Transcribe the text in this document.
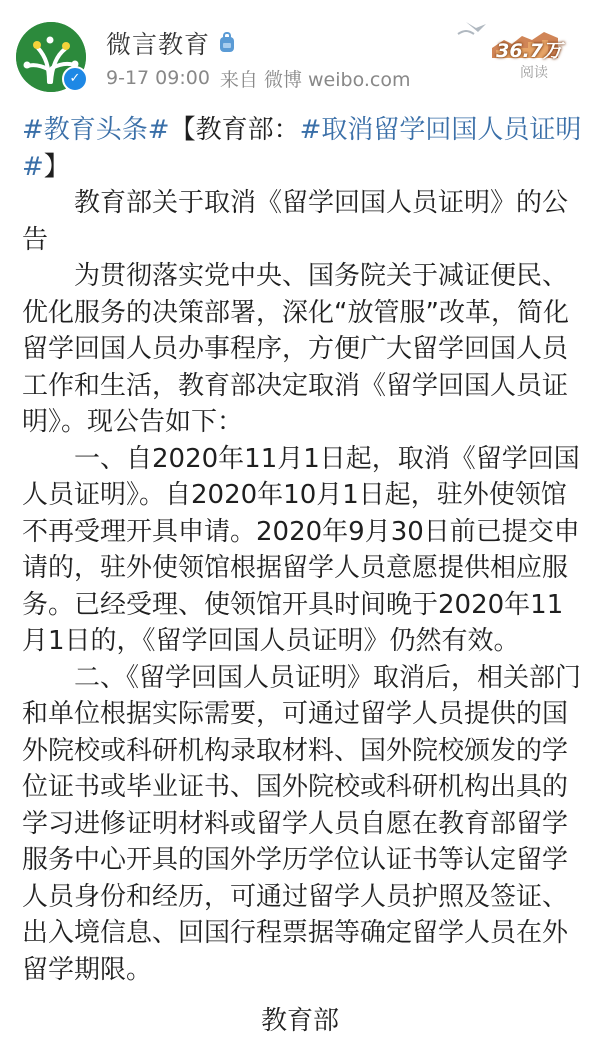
✓
微言教育
9-17 09:00 来自 微博 weibo.com
36.7万
阅读

#教育头条#【教育部：#取消留学回国人员证明#】

教育部关于取消《留学回国人员证明》的公告

为贯彻落实党中央、国务院关于减证便民、优化服务的决策部署，深化“放管服”改革，简化留学回国人员办事程序，方便广大留学回国人员工作和生活，教育部决定取消《留学回国人员证明》。现公告如下：

一、自2020年11月1日起，取消《留学回国人员证明》。自2020年10月1日起，驻外使领馆不再受理开具申请。2020年9月30日前已提交申请的，驻外使领馆根据留学人员意愿提供相应服务。已经受理、使领馆开具时间晚于2020年11月1日的，《留学回国人员证明》仍然有效。

二、《留学回国人员证明》取消后，相关部门和单位根据实际需要，可通过留学人员提供的国外院校或科研机构录取材料、国外院校颁发的学位证书或毕业证书、国外院校或科研机构出具的学习进修证明材料或留学人员自愿在教育部留学服务中心开具的国外学历学位认证书等认定留学人员身份和经历，可通过留学人员护照及签证、出入境信息、回国行程票据等确定留学人员在外留学期限。

教育部
